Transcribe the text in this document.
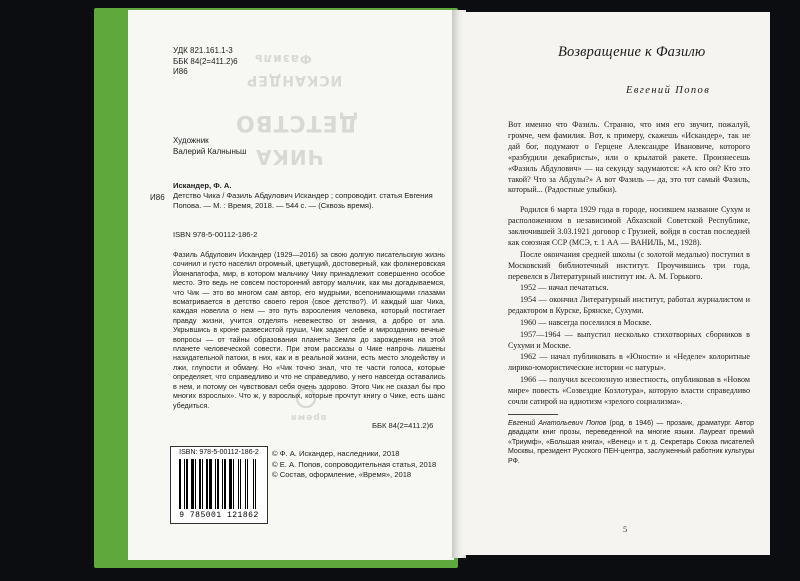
Фазиль
ИСКАНДЕР
ДЕТСТВО
ЧИКА
время
УДК 821.161.1-3
ББК 84(2=411.2)6
И86
Художник
Валерий Калныньш
И86
Искандер, Ф. А.
Детство Чика / Фазиль Абдулович Искандер ; сопроводит. статья Евгения Попова. — М. : Время, 2018. — 544 с. — (Сквозь время).
ISBN 978-5-00112-186-2
Фазиль Абдулович Искандер (1929—2016) за свою долгую писательскую жизнь сочинил и густо населил огромный, цветущий, достоверный, как фолкнеровская Йокнапатофа, мир, в котором мальчику Чику принадлежит совершенно особое место. Это ведь не совсем посторонний автору мальчик, как мы догадываемся, что Чик — это во многом сам автор, его мудрыми, всепонимающими глазами всматривается в детство своего героя (свое детство?). И каждый шаг Чика, каждая новелла о нем — это путь взросления человека, который постигает правду жизни, учится отделять невежество от знания, а добро от зла. Укрывшись в кроне развесистой груши, Чик задает себе и мирозданию вечные вопросы — от тайны образования планеты Земля до зарождения на этой планете человеческой совести. При этом рассказы о Чике напрочь лишены назидательной патоки, в них, как и в реальной жизни, есть место злодейству и лжи, глупости и обману. Но «Чик точно знал, что те части голоса, которые определяет, что справедливо и что не справедливо, у него навсегда оставались в нем, и потому он чувствовал себя очень здорово. Этого Чик не сказал бы про многих взрослых». Что ж, у взрослых, которые прочтут книгу о Чике, есть шанс убедиться.
ББК 84(2=411.2)6
ISBN: 978-5-00112-186-2
9 785001 121862
© Ф. А. Искандер, наследники, 2018
© Е. А. Попов, сопроводительная статья, 2018
© Состав, оформление, «Время», 2018
Возвращение к Фазилю
Евгений Попов

Вот именно что Фазиль. Странно, что имя его звучит, пожалуй, громче, чем фамилия. Вот, к примеру, скажешь «Искандер», так не дай бог, подумают о Герцене Александре Ивановиче, которого «разбудили декабристы», или о крылатой ракете. Произнесешь «Фазиль Абдулович» — на секунду задумаются: «А кто он? Кто это такой? Что за Абдулы?» А вот Фазиль — да, это тот самый Фазиль, который... (Радостные улыбки).

Родился 6 марта 1929 года в городе, носившем название Сухум и расположенном в независимой Абхазской Советской Республике, заключившей 3.03.1921 договор с Грузией, войдя в состав последней как союзная ССР (МСЭ, т. 1 АА — ВАНИЛЬ, М., 1928).

После окончания средней школы (с золотой медалью) поступил в Московский библиотечный институт. Проучившись три года, перевелся в Литературный институт им. А. М. Горького.

1952 — начал печататься.

1954 — окончил Литературный институт, работал журналистом и редактором в Курске, Брянске, Сухуми.

1960 — навсегда поселился в Москве.

1957—1964 — выпустил несколько стихотворных сборников в Сухуми и Москве.

1962 — начал публиковать в «Юности» и «Неделе» колоритные лирико-юмористические истории «с натуры».

1966 — получил всесоюзную известность, опубликовав в «Новом мире» повесть «Созвездие Козлотура», которую власти справедливо сочли сатирой на идиотизм «зрелого социализма».

Евгений Анатольевич Попов (род. в 1946) — прозаик, драматург. Автор двадцати книг прозы, переведенной на многие языки. Лауреат премий «Триумф», «Большая книга», «Венец» и т. д. Секретарь Союза писателей Москвы, президент Русского ПЕН-центра, заслуженный работник культуры РФ.
5
